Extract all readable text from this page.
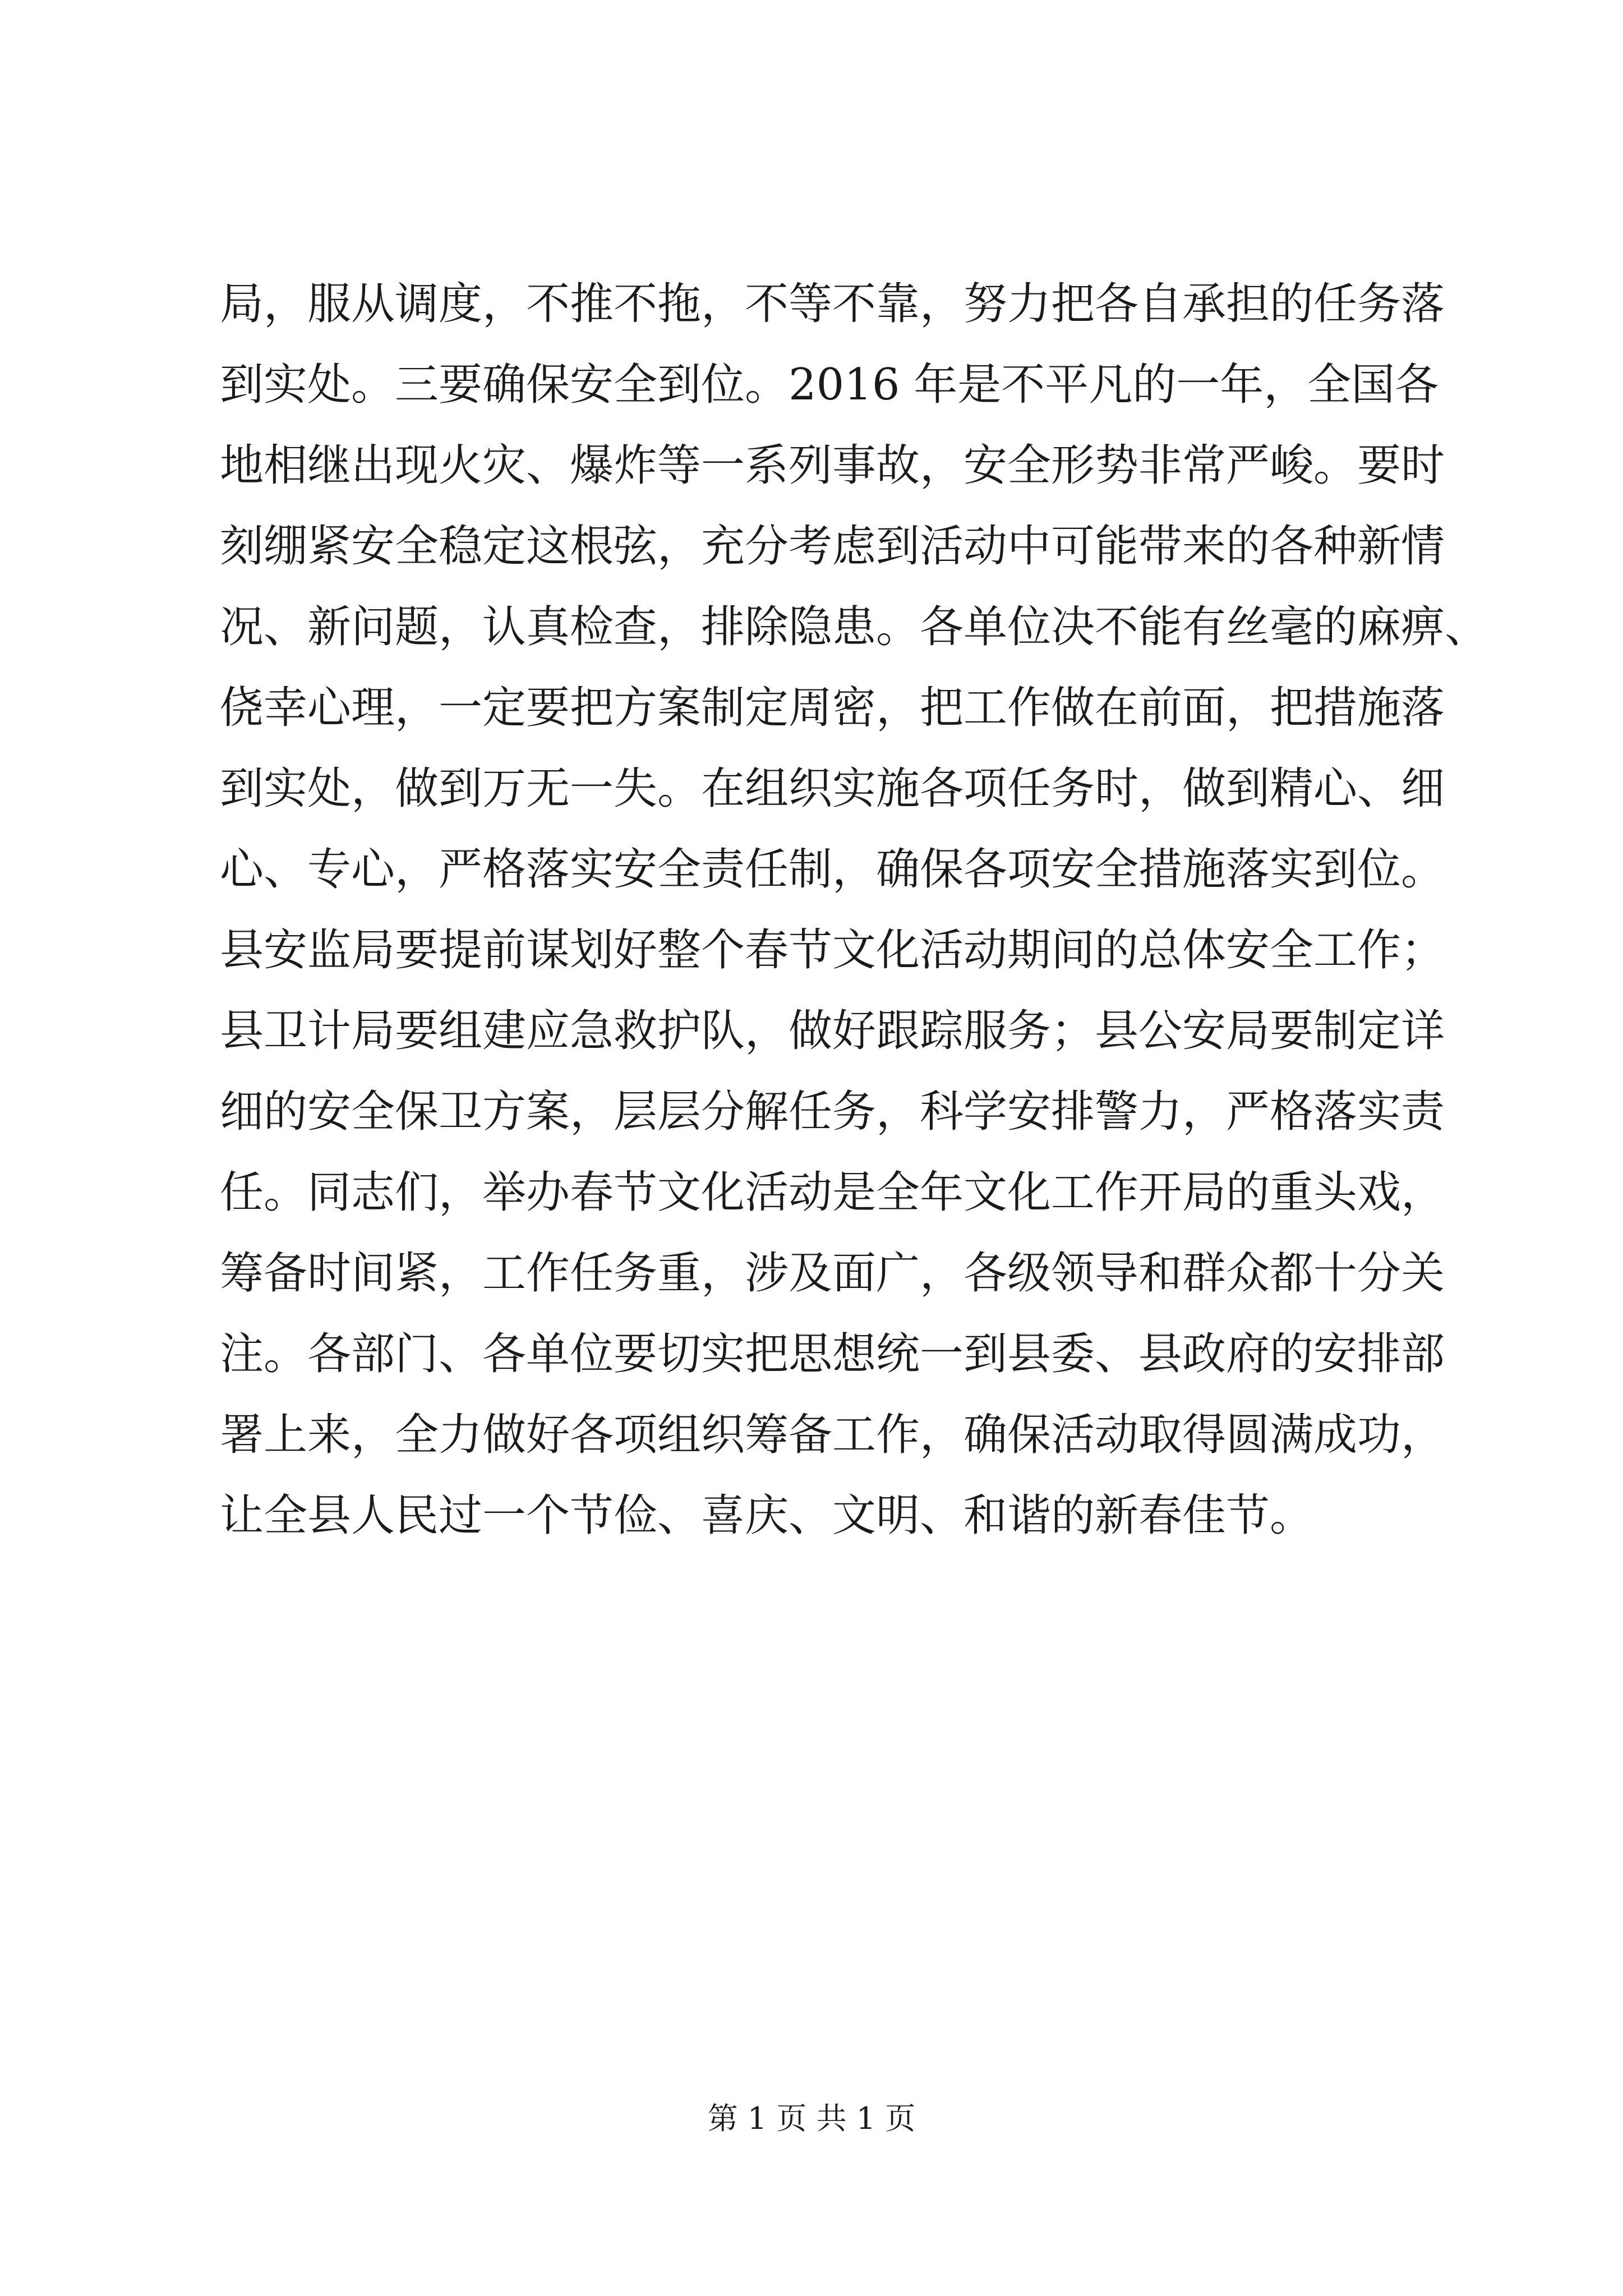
局，服从调度，不推不拖，不等不靠，努力把各自承担的任务落
到实处。三要确保安全到位。2016 年是不平凡的一年，全国各
地相继出现火灾、爆炸等一系列事故，安全形势非常严峻。要时
刻绷紧安全稳定这根弦，充分考虑到活动中可能带来的各种新情
况、新问题，认真检查，排除隐患。各单位决不能有丝毫的麻痹、
侥幸心理，一定要把方案制定周密，把工作做在前面，把措施落
到实处，做到万无一失。在组织实施各项任务时，做到精心、细
心、专心，严格落实安全责任制，确保各项安全措施落实到位。
县安监局要提前谋划好整个春节文化活动期间的总体安全工作；
县卫计局要组建应急救护队，做好跟踪服务；县公安局要制定详
细的安全保卫方案，层层分解任务，科学安排警力，严格落实责
任。同志们，举办春节文化活动是全年文化工作开局的重头戏，
筹备时间紧，工作任务重，涉及面广，各级领导和群众都十分关
注。各部门、各单位要切实把思想统一到县委、县政府的安排部
署上来，全力做好各项组织筹备工作，确保活动取得圆满成功，
让全县人民过一个节俭、喜庆、文明、和谐的新春佳节。
第 1 页 共 1 页
